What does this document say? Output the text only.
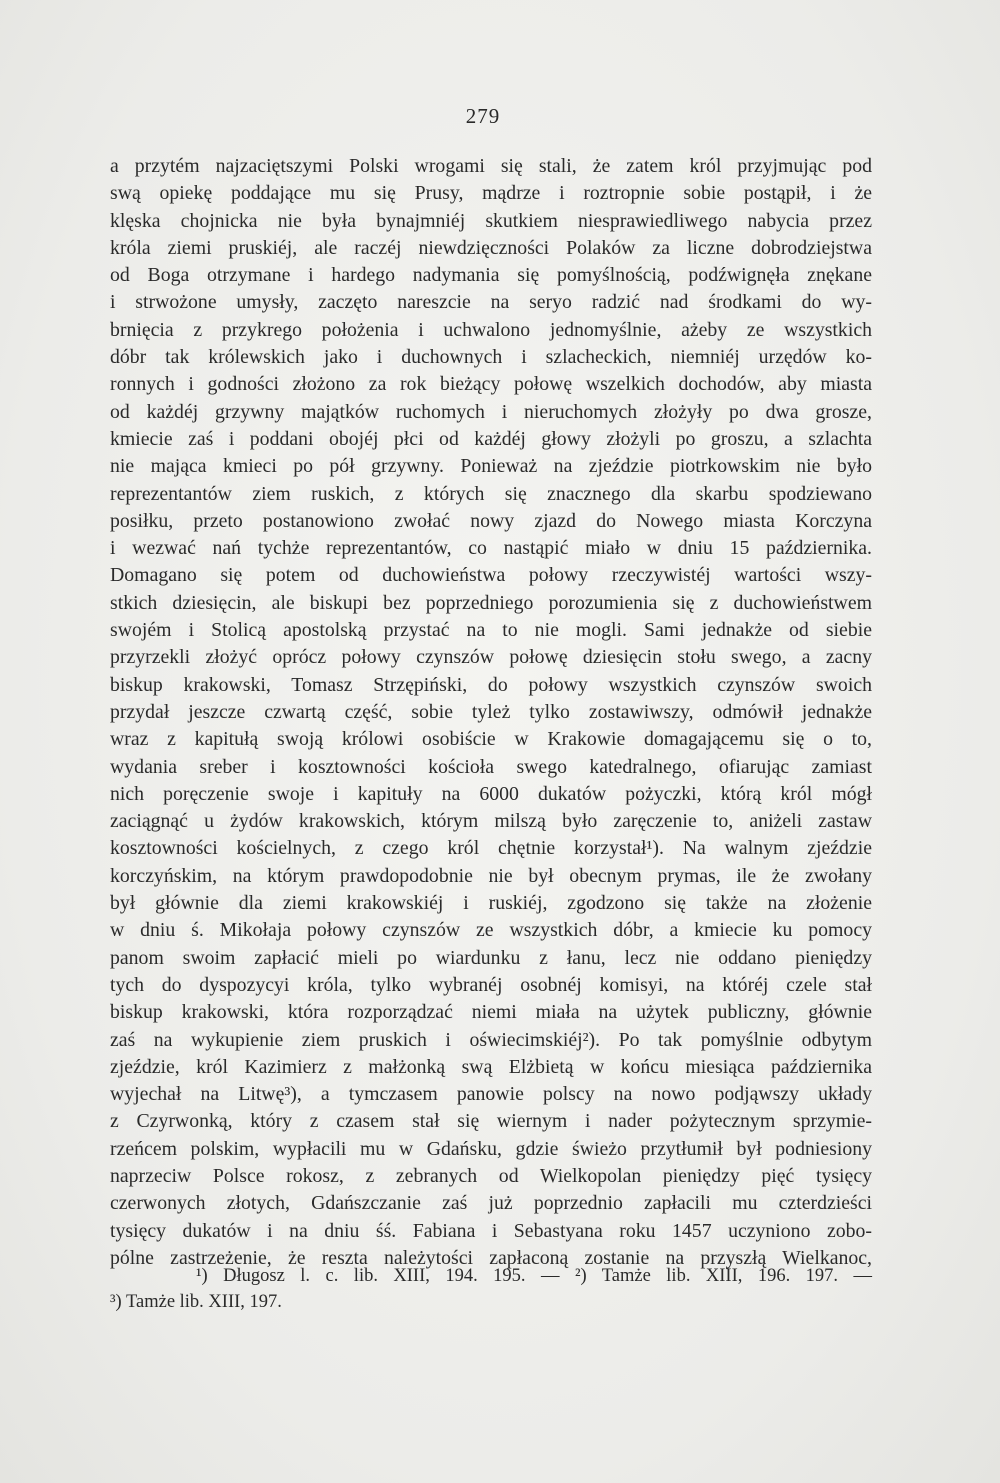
279
a przytém najzaciętszymi Polski wrogami się stali, że zatem król przyjmując pod
swą opiekę poddające mu się Prusy, mądrze i roztropnie sobie postąpił, i że
klęska chojnicka nie była bynajmniéj skutkiem niesprawiedliwego nabycia przez
króla ziemi pruskiéj, ale raczéj niewdzięczności Polaków za liczne dobrodziejstwa
od Boga otrzymane i hardego nadymania się pomyślnością, podźwignęła znękane
i strwożone umysły, zaczęto nareszcie na seryo radzić nad środkami do wy-
brnięcia z przykrego położenia i uchwalono jednomyślnie, ażeby ze wszystkich
dóbr tak królewskich jako i duchownych i szlacheckich, niemniéj urzędów ko-
ronnych i godności złożono za rok bieżący połowę wszelkich dochodów, aby miasta
od każdéj grzywny majątków ruchomych i nieruchomych złożyły po dwa grosze,
kmiecie zaś i poddani obojéj płci od każdéj głowy złożyli po groszu, a szlachta
nie mająca kmieci po pół grzywny. Ponieważ na zjeździe piotrkowskim nie było
reprezentantów ziem ruskich, z których się znacznego dla skarbu spodziewano
posiłku, przeto postanowiono zwołać nowy zjazd do Nowego miasta Korczyna
i wezwać nań tychże reprezentantów, co nastąpić miało w dniu 15 października.
Domagano się potem od duchowieństwa połowy rzeczywistéj wartości wszy-
stkich dziesięcin, ale biskupi bez poprzedniego porozumienia się z duchowieństwem
swojém i Stolicą apostolską przystać na to nie mogli. Sami jednakże od siebie
przyrzekli złożyć oprócz połowy czynszów połowę dziesięcin stołu swego, a zacny
biskup krakowski, Tomasz Strzępiński, do połowy wszystkich czynszów swoich
przydał jeszcze czwartą część, sobie tyleż tylko zostawiwszy, odmówił jednakże
wraz z kapitułą swoją królowi osobiście w Krakowie domagającemu się o to,
wydania sreber i kosztowności kościoła swego katedralnego, ofiarując zamiast
nich poręczenie swoje i kapituły na 6000 dukatów pożyczki, którą król mógł
zaciągnąć u żydów krakowskich, którym milszą było zaręczenie to, aniżeli zastaw
kosztowności kościelnych, z czego król chętnie korzystał¹). Na walnym zjeździe
korczyńskim, na którym prawdopodobnie nie był obecnym prymas, ile że zwołany
był głównie dla ziemi krakowskiéj i ruskiéj, zgodzono się także na złożenie
w dniu ś. Mikołaja połowy czynszów ze wszystkich dóbr, a kmiecie ku pomocy
panom swoim zapłacić mieli po wiardunku z łanu, lecz nie oddano pieniędzy
tych do dyspozycyi króla, tylko wybranéj osobnéj komisyi, na któréj czele stał
biskup krakowski, która rozporządzać niemi miała na użytek publiczny, głównie
zaś na wykupienie ziem pruskich i oświecimskiéj²). Po tak pomyślnie odbytym
zjeździe, król Kazimierz z małżonką swą Elżbietą w końcu miesiąca października
wyjechał na Litwę³), a tymczasem panowie polscy na nowo podjąwszy układy
z Czyrwonką, który z czasem stał się wiernym i nader pożytecznym sprzymie-
rzeńcem polskim, wypłacili mu w Gdańsku, gdzie świeżo przytłumił był podniesiony
naprzeciw Polsce rokosz, z zebranych od Wielkopolan pieniędzy pięć tysięcy
czerwonych złotych, Gdańszczanie zaś już poprzednio zapłacili mu czterdzieści
tysięcy dukatów i na dniu śś. Fabiana i Sebastyana roku 1457 uczyniono zobo-
pólne zastrzeżenie, że reszta należytości zapłaconą zostanie na przyszłą Wielkanoc,
¹) Długosz l. c. lib. XIII, 194. 195. — ²) Tamże lib. XIII, 196. 197. —
³) Tamże lib. XIII, 197.
